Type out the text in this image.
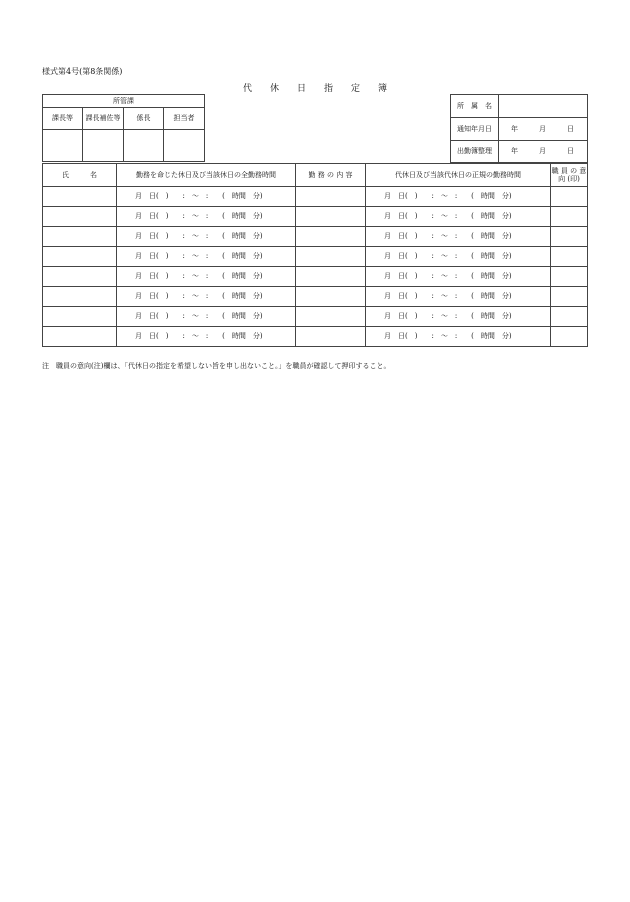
様式第4号(第8条関係)
代　　休　　日　　指　　定　　簿
所管課			
課長等	課長補佐等	係長	担当者

所　属　名	
通知年月日	年　　　月　　　日
出勤簿整理	年　　　月　　　日
氏　　　名	勤務を命じた休日及び当該休日の全勤務時間	勤 務 の 内 容	代休日及び当該代休日の正規の勤務時間	職 員 の 意向 (印)
	月　日(　)　　:　〜　:　　(　時間　分)		月　日(　)　　:　〜　:　　(　時間　分)	
	月　日(　)　　:　〜　:　　(　時間　分)		月　日(　)　　:　〜　:　　(　時間　分)	
	月　日(　)　　:　〜　:　　(　時間　分)		月　日(　)　　:　〜　:　　(　時間　分)	
	月　日(　)　　:　〜　:　　(　時間　分)		月　日(　)　　:　〜　:　　(　時間　分)	
	月　日(　)　　:　〜　:　　(　時間　分)		月　日(　)　　:　〜　:　　(　時間　分)	
	月　日(　)　　:　〜　:　　(　時間　分)		月　日(　)　　:　〜　:　　(　時間　分)	
	月　日(　)　　:　〜　:　　(　時間　分)		月　日(　)　　:　〜　:　　(　時間　分)	
	月　日(　)　　:　〜　:　　(　時間　分)		月　日(　)　　:　〜　:　　(　時間　分)	
注　職員の意向(注)欄は、「代休日の指定を希望しない旨を申し出ないこと。」を職員が確認して押印すること。
